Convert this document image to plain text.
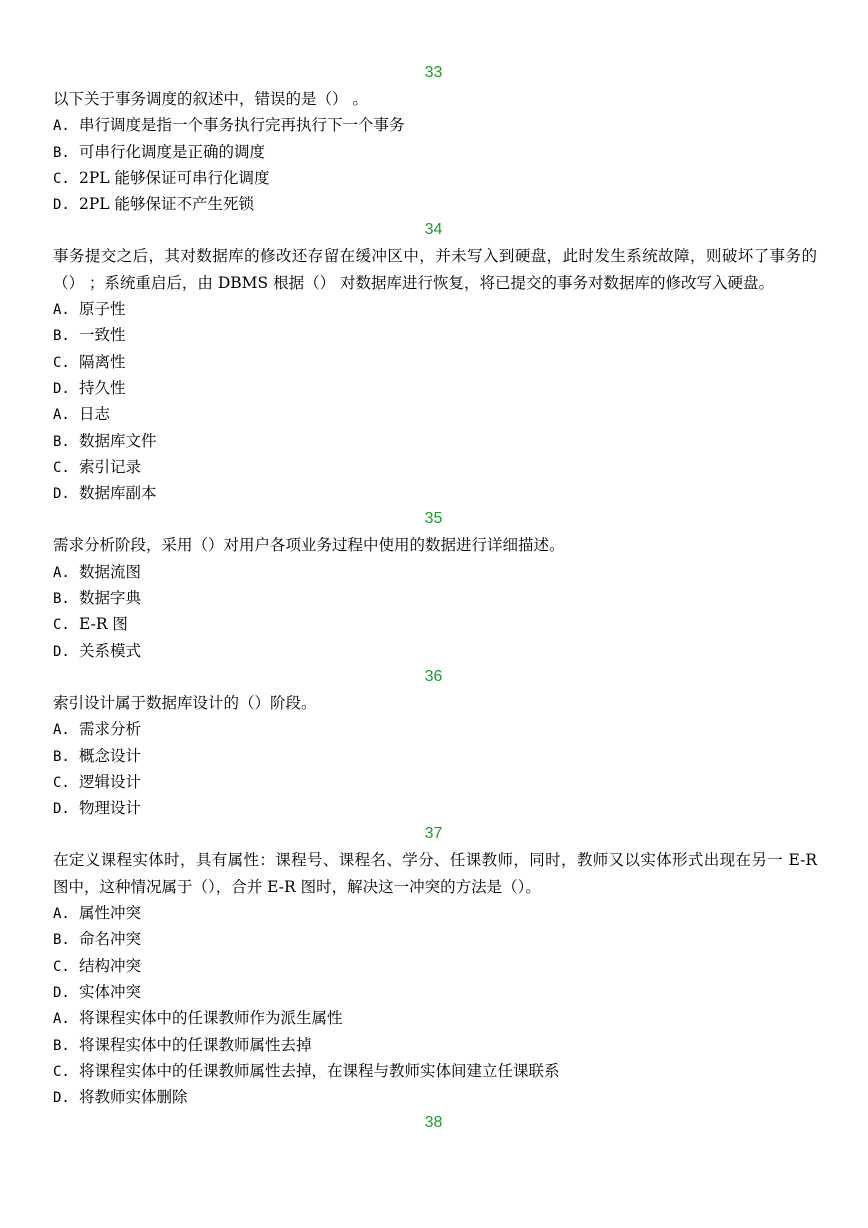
33
以下关于事务调度的叙述中，错误的是（） 。
A. 串行调度是指一个事务执行完再执行下一个事务
B. 可串行化调度是正确的调度
C. 2PL 能够保证可串行化调度
D. 2PL 能够保证不产生死锁
34
事务提交之后，其对数据库的修改还存留在缓冲区中，并未写入到硬盘，此时发生系统故障，则破坏了事务的（） ；系统重启后，由 DBMS 根据（） 对数据库进行恢复，将已提交的事务对数据库的修改写入硬盘。
A. 原子性
B. 一致性
C. 隔离性
D. 持久性
A. 日志
B. 数据库文件
C. 索引记录
D. 数据库副本
35
需求分析阶段，采用（）对用户各项业务过程中使用的数据进行详细描述。
A. 数据流图
B. 数据字典
C. E-R 图
D. 关系模式
36
索引设计属于数据库设计的（）阶段。
A. 需求分析
B. 概念设计
C. 逻辑设计
D. 物理设计
37
在定义课程实体时，具有属性：课程号、课程名、学分、任课教师，同时，教师又以实体形式出现在另一 E-R 图中，这种情况属于（），合并 E-R 图时，解决这一冲突的方法是（）。
A. 属性冲突
B. 命名冲突
C. 结构冲突
D. 实体冲突
A. 将课程实体中的任课教师作为派生属性
B. 将课程实体中的任课教师属性去掉
C. 将课程实体中的任课教师属性去掉，在课程与教师实体间建立任课联系
D. 将教师实体删除
38
